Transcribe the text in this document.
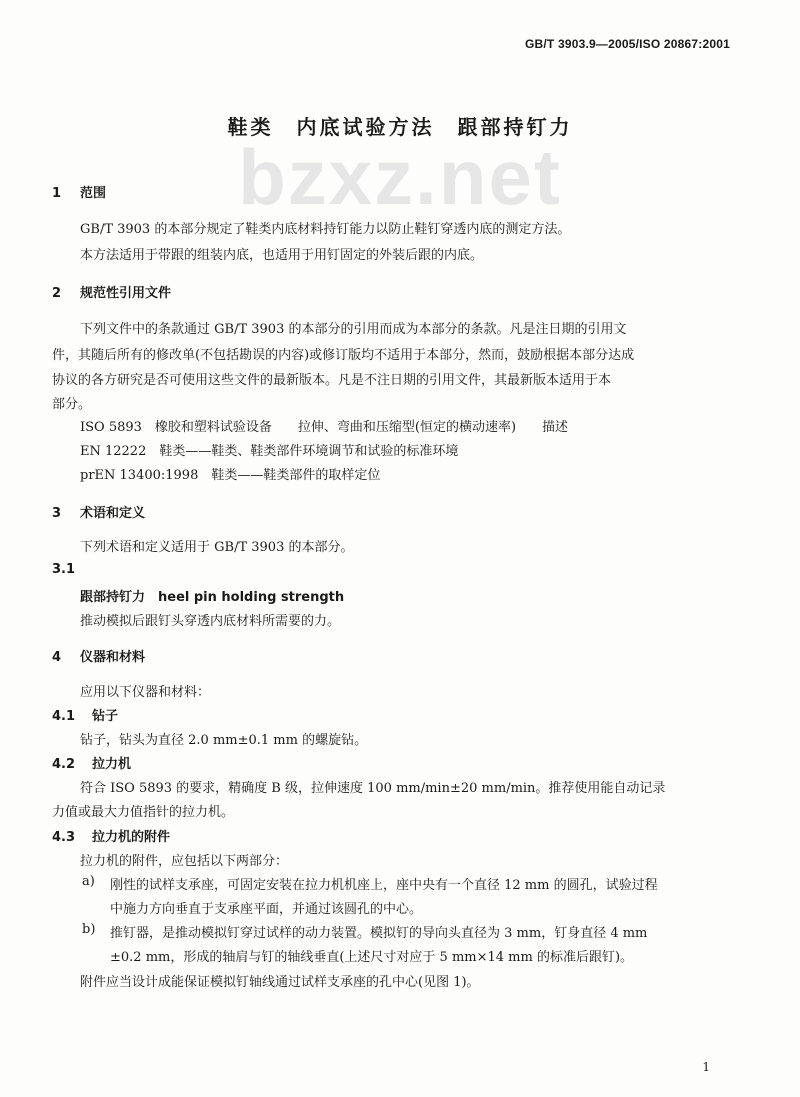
GB/T 3903.9—2005/ISO 20867:2001
bzxz.net
鞋类　内底试验方法　跟部持钉力
1 范围
GB/T 3903 的本部分规定了鞋类内底材料持钉能力以防止鞋钉穿透内底的测定方法。
本方法适用于带跟的组装内底，也适用于用钉固定的外装后跟的内底。
2 规范性引用文件
下列文件中的条款通过 GB/T 3903 的本部分的引用而成为本部分的条款。凡是注日期的引用文
件，其随后所有的修改单(不包括勘误的内容)或修订版均不适用于本部分，然而，鼓励根据本部分达成
协议的各方研究是否可使用这些文件的最新版本。凡是不注日期的引用文件，其最新版本适用于本
部分。
ISO 5893　橡胶和塑料试验设备　　拉伸、弯曲和压缩型(恒定的横动速率)　　描述
EN 12222　鞋类——鞋类、鞋类部件环境调节和试验的标准环境
prEN 13400:1998　鞋类——鞋类部件的取样定位
3 术语和定义
下列术语和定义适用于 GB/T 3903 的本部分。
3.1
跟部持钉力　heel pin holding strength
推动模拟后跟钉头穿透内底材料所需要的力。
4 仪器和材料
应用以下仪器和材料：
4.1 钻子
钻子，钻头为直径 2.0 mm±0.1 mm 的螺旋钻。
4.2 拉力机
符合 ISO 5893 的要求，精确度 B 级，拉伸速度 100 mm/min±20 mm/min。推荐使用能自动记录
力值或最大力值指针的拉力机。
4.3 拉力机的附件
拉力机的附件，应包括以下两部分：
a) 刚性的试样支承座，可固定安装在拉力机机座上，座中央有一个直径 12 mm 的圆孔，试验过程
中施力方向垂直于支承座平面，并通过该圆孔的中心。
b) 推钉器，是推动模拟钉穿过试样的动力装置。模拟钉的导向头直径为 3 mm，钉身直径 4 mm
±0.2 mm，形成的轴肩与钉的轴线垂直(上述尺寸对应于 5 mm×14 mm 的标准后跟钉)。
附件应当设计成能保证模拟钉轴线通过试样支承座的孔中心(见图 1)。
1
